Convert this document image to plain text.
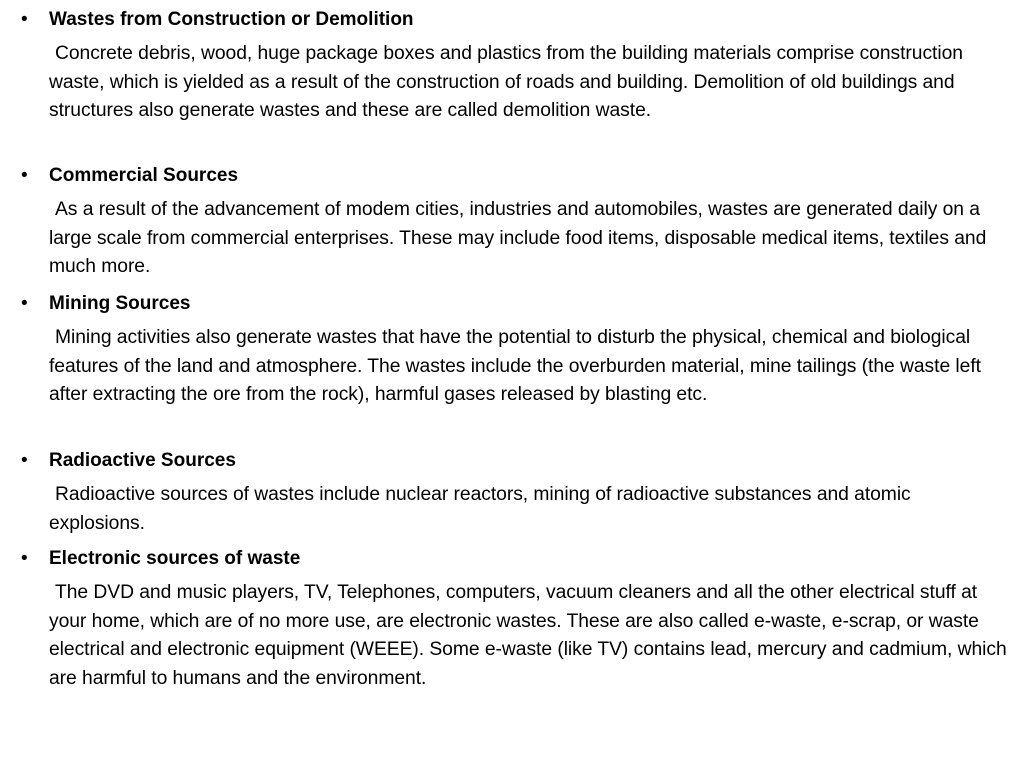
• Wastes from Construction or Demolition
Concrete debris, wood, huge package boxes and plastics from the building materials comprise construction waste, which is yielded as a result of the construction of roads and building. Demolition of old buildings and structures also generate wastes and these are called demolition waste.
• Commercial Sources
As a result of the advancement of modem cities, industries and automobiles, wastes are generated daily on a large scale from commercial enterprises. These may include food items, disposable medical items, textiles and much more.
• Mining Sources
Mining activities also generate wastes that have the potential to disturb the physical, chemical and biological features of the land and atmosphere. The wastes include the overburden material, mine tailings (the waste left after extracting the ore from the rock), harmful gases released by blasting etc.
• Radioactive Sources
Radioactive sources of wastes include nuclear reactors, mining of radioactive substances and atomic explosions.
• Electronic sources of waste
The DVD and music players, TV, Telephones, computers, vacuum cleaners and all the other electrical stuff at your home, which are of no more use, are electronic wastes. These are also called e-waste, e-scrap, or waste electrical and electronic equipment (WEEE). Some e-waste (like TV) contains lead, mercury and cadmium, which are harmful to humans and the environment.
